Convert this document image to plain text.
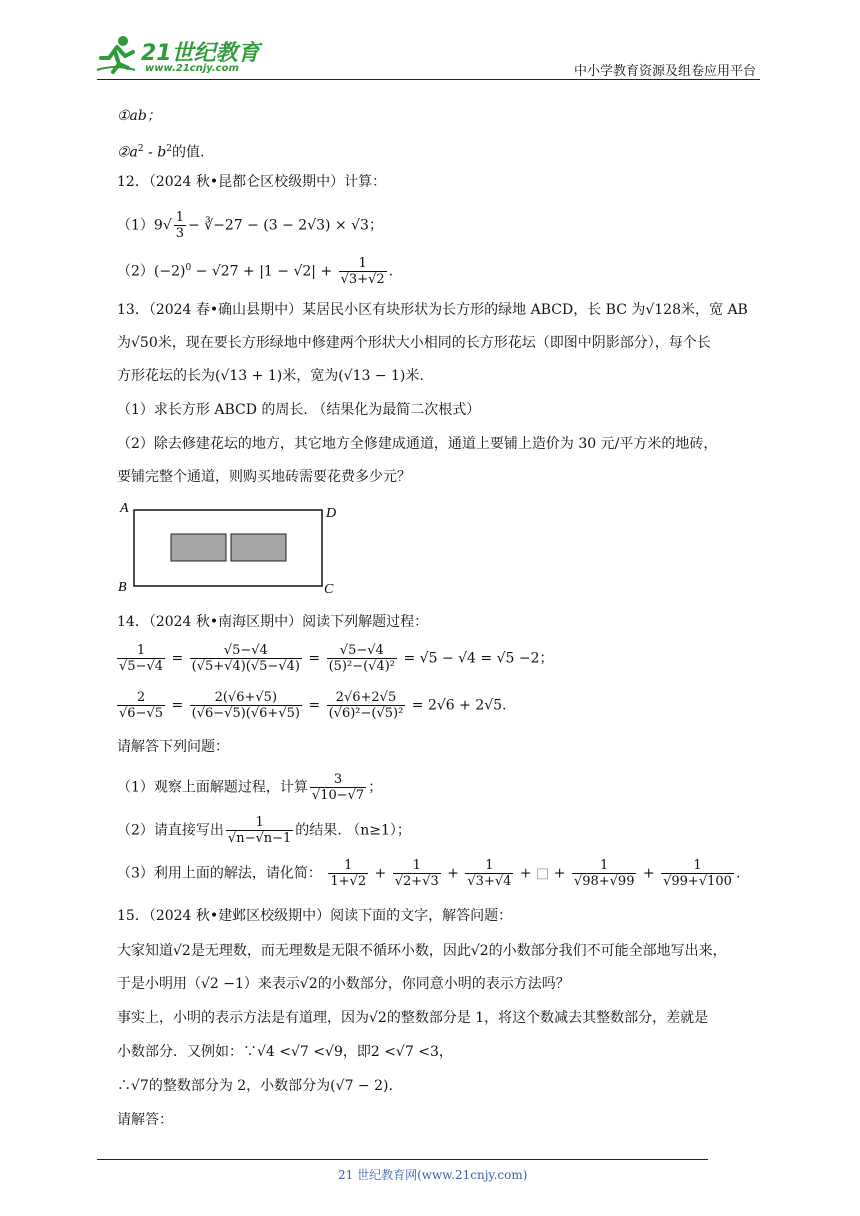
21世纪教育
www.21cnjy.com	中小学教育资源及组卷应用平台
①ab；
$②a^2 - b^2$的值.
12．（2024 秋•昆都仑区校级期中）计算：
$(1)9√ \frac{1}{3}$ − ∛−27 − (3 − 2√3) × √3；
$(2)(-2)^0 - √27 + |1 - √2| + \frac{1}{√3+√2}$ .
13．（2024 春•确山县期中）某居民小区有块形状为长方形的绿地 ABCD，长 BC 为√128米，宽 AB
为√50米，现在要长方形绿地中修建两个形状大小相同的长方形花坛（即图中阴影部分），每个长
方形花坛的长为(√13 + 1)米，宽为(√13 − 1)米.
（1）求长方形 ABCD 的周长. （结果化为最简二次根式）
（2）除去修建花坛的地方，其它地方全修建成通道，通道上要铺上造价为 30 元/平方米的地砖，
要铺完整个通道，则购买地砖需要花费多少元？
A
B	C
D
14．（2024 秋•南海区期中）阅读下列解题过程：
$\frac{1}{√5-√4} = \frac{√5-√4}{(√5+√4)(√5-√4)} = \frac{√5-√4}{\text{(5)²−(√4)²}} = √5 - √4 = √5 -2$；
$\frac{2}{√6-√5} = \frac{2(√6+√5)}{(√6-√5)(√6+√5)} = \frac{2√6+2√5}{\text{(√6)²−(√5)²}} = 2√6 + 2√5$.
请解答下列问题：
（1）观察上面解题过程，计算 $\frac{3}{√10-√7}$ ；
（2）请直接写出 $\frac{1}{√n-√n-1}$ 的结果. （n≥1）；
（3）利用上面的解法，请化简： $\frac{1}{1+√2} + \frac{1}{√2+√3} + \frac{1}{√3+√4}$ + □ + $\frac{1}{√98+√99} + \frac{1}{√99+√100}$ .
15．（2024 秋•建邺区校级期中）阅读下面的文字，解答问题：
大家知道√2是无理数，而无理数是无限不循环小数，因此√2的小数部分我们不可能全部地写出来，
于是小明用（√2 −1）来表示√2的小数部分，你同意小明的表示方法吗？
事实上，小明的表示方法是有道理，因为√2的整数部分是 1，将这个数减去其整数部分，差就是
小数部分．又例如：∵√4 <√7 <√9，即2 <√7 <3，
∴√7的整数部分为 2，小数部分为(√7 − 2).
请解答：
21 世纪教育网(www.21cnjy.com)
